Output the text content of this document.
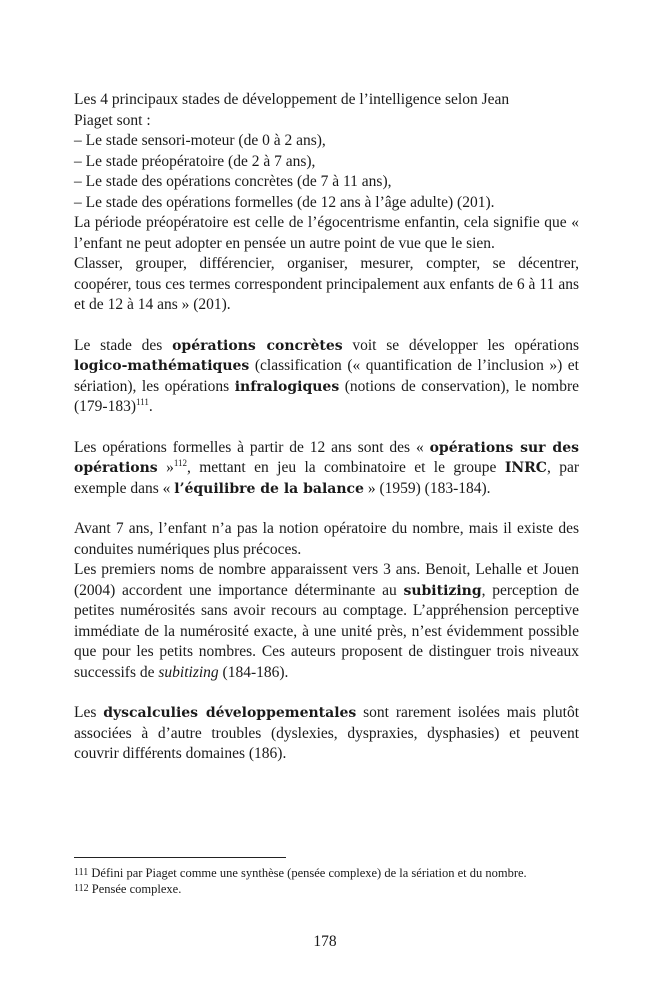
Les 4 principaux stades de développement de l’intelligence selon Jean

Piaget sont :

– Le stade sensori-moteur (de 0 à 2 ans),

– Le stade préopératoire (de 2 à 7 ans),

– Le stade des opérations concrètes (de 7 à 11 ans),

– Le stade des opérations formelles (de 12 ans à l’âge adulte) (201).

La période préopératoire est celle de l’égocentrisme enfantin, cela signifie que « l’enfant ne peut adopter en pensée un autre point de vue que le sien.

Classer, grouper, différencier, organiser, mesurer, compter, se décentrer, coopérer, tous ces termes correspondent principalement aux enfants de 6 à 11 ans et de 12 à 14 ans » (201).

Le stade des opérations concrètes voit se développer les opérations logico-mathématiques (classification (« quantification de l’inclusion ») et sériation), les opérations infralogiques (notions de conservation), le nombre $(179-183)^{111}$.

Les opérations formelles à partir de 12 ans sont des « opérations sur des opérations »$^{112}$, mettant en jeu la combinatoire et le groupe INRC, par exemple dans « l’équilibre de la balance » (1959) (183-184).

Avant 7 ans, l’enfant n’a pas la notion opératoire du nombre, mais il existe des conduites numériques plus précoces.

Les premiers noms de nombre apparaissent vers 3 ans. Benoit, Lehalle et Jouen (2004) accordent une importance déterminante au subitizing, perception de petites numérosités sans avoir recours au comptage. L’appréhension perceptive immédiate de la numérosité exacte, à une unité près, n’est évidemment possible que pour les petits nombres. Ces auteurs proposent de distinguer trois niveaux successifs de subitizing (184-186).

Les dyscalculies développementales sont rarement isolées mais plutôt associées à d’autre troubles (dyslexies, dyspraxies, dysphasies) et peuvent couvrir différents domaines (186).

111 Défini par Piaget comme une synthèse (pensée complexe) de la sériation et du nombre.

112 Pensée complexe.

178
